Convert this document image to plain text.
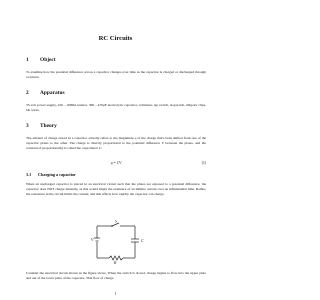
RC Circuits
1 Object
To examine how the potential difference across a capacitor changes over time as the capacitor is charged or discharged through a resistor.
2 Apparatus
35-volt power supply, 220 – 1000Ω resistor, 300 – 470μF electrolytic capacitor, voltmeter, tap switch, stopwatch, alligator clips, lab wires.
3 Theory
The amount of charge stored in a capacitor actually refers to the magnitude q of the charge that's been shifted from one of the capacitor plates to the other. The charge is directly proportional to the potential difference V between the plates, and the constant of proportionality is called the capacitance C:
q = CV	(1)
3.1 Charging a capacitor
When an uncharged capacitor is placed in an electrical circuit such that the plates are exposed to a potential difference, the capacitor does NOT charge instantly, as this would imply the existence of an infinite current over an infinitesimal time. Rather, the resistance in the circuit limits the current, and this affects how rapidly the capacitor can charge.
V
S
C
R
Consider the electrical circuit shown in the figure above. When the switch is closed, charge begins to flow into the upper plate and out of the lower plate of the capacitor. This flow of charge
1
